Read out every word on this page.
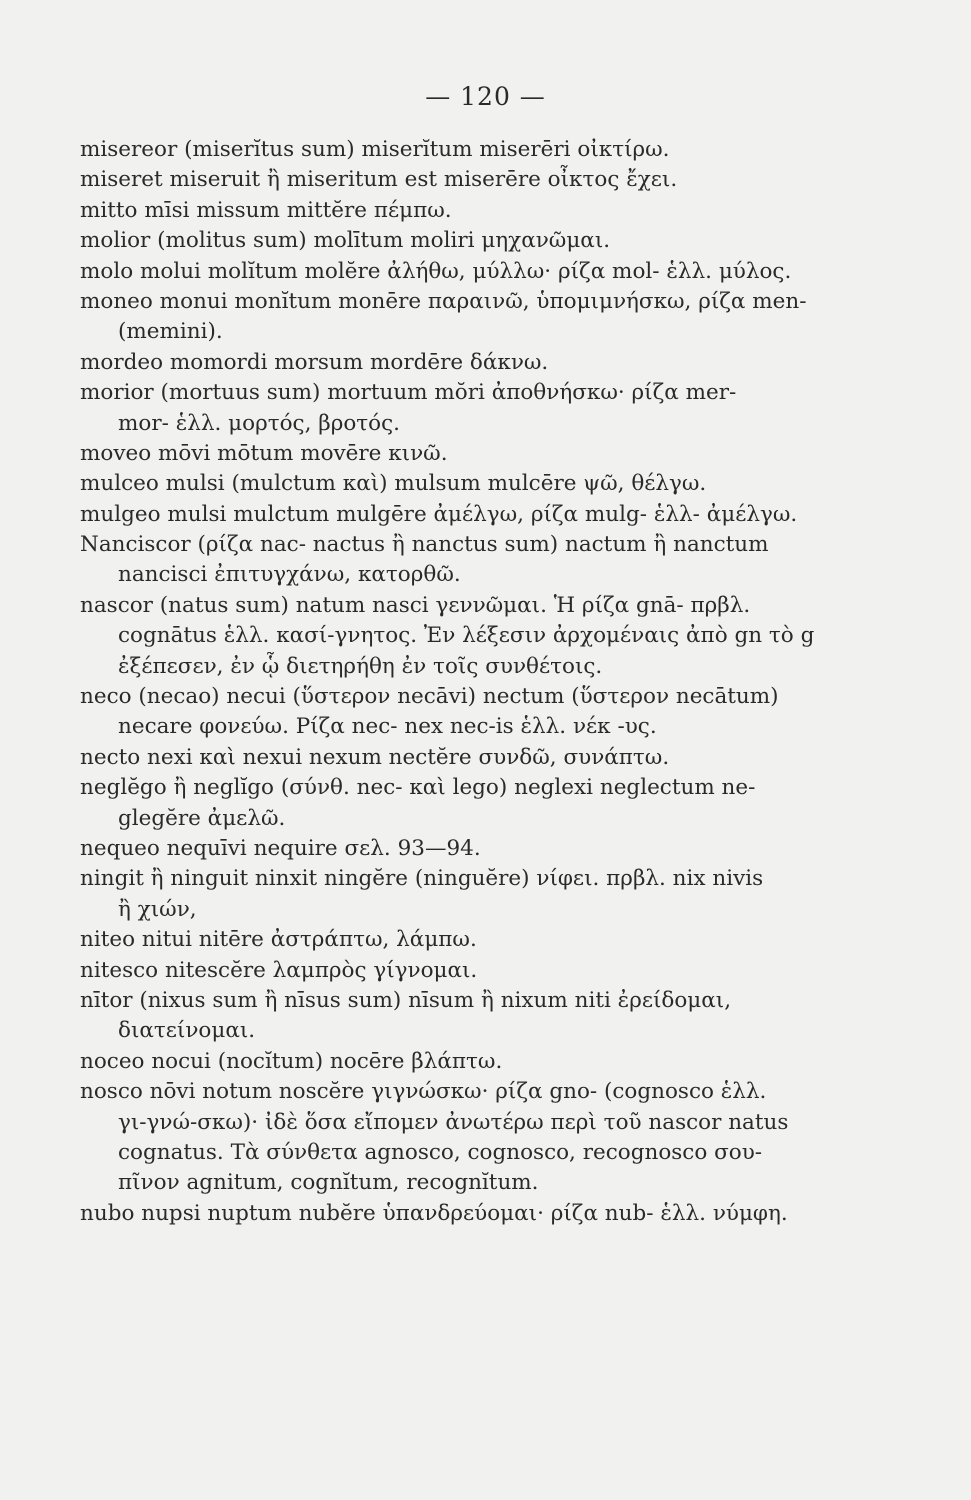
— 120 —
misereor (miserĭtus sum) miserĭtum miserēri οἰκτίρω.
miseret miseruit ἢ miseritum est miserēre οἶκτος ἔχει.
mitto mīsi missum mittĕre πέμπω.
molior (molitus sum) molītum moliri μηχανῶμαι.
molo molui molĭtum molĕre ἀλήθω, μύλλω· ρίζα mol- ἑλλ. μύλος.
moneo monui monĭtum monēre παραινῶ, ὑπομιμνήσκω, ρίζα men-
(memini).
mordeo momordi morsum mordēre δάκνω.
morior (mortuus sum) mortuum mŏri ἀποθνήσκω· ρίζα mer-
mor- ἑλλ. μορτός, βροτός.
moveo mōvi mōtum movēre κινῶ.
mulceo mulsi (mulctum καὶ) mulsum mulcēre ψῶ, θέλγω.
mulgeo mulsi mulctum mulgēre ἀμέλγω, ρίζα mulg- ἑλλ- ἀμέλγω.
Nanciscor (ρίζα nac- nactus ἢ nanctus sum) nactum ἢ nanctum
nancisci ἐπιτυγχάνω, κατορθῶ.
nascor (natus sum) natum nasci γεννῶμαι. Ἡ ρίζα gnā- πρβλ.
cognātus ἑλλ. κασί-γνητος. Ἐν λέξεσιν ἀρχομέναις ἀπὸ gn τὸ g
ἐξέπεσεν, ἐν ᾧ διετηρήθη ἐν τοῖς συνθέτοις.
neco (necao) necui (ὕστερον necāvi) nectum (ὕστερον necātum)
necare φονεύω. Ρίζα nec- nex nec-is ἑλλ. νέκ -υς.
necto nexi καὶ nexui nexum nectĕre συνδῶ, συνάπτω.
neglĕgo ἢ neglĭgo (σύνθ. nec- καὶ lego) neglexi neglectum ne-
glegĕre ἀμελῶ.
nequeo nequīvi nequire σελ. 93—94.
ningit ἢ ninguit ninxit ningĕre (ninguĕre) νίφει. πρβλ. nix nivis
ἢ χιών,
niteo nitui nitēre ἀστράπτω, λάμπω.
nitesco nitescĕre λαμπρὸς γίγνομαι.
nītor (nixus sum ἢ nīsus sum) nīsum ἢ nixum niti ἐρείδομαι,
διατείνομαι.
noceo nocui (nocĭtum) nocēre βλάπτω.
nosco nōvi notum noscĕre γιγνώσκω· ρίζα gno- (cognosco ἑλλ.
γι-γνώ-σκω)· ἰδὲ ὅσα εἴπομεν ἀνωτέρω περὶ τοῦ nascor natus
cognatus. Τὰ σύνθετα agnosco, cognosco, recognosco σου-
πῖνον agnitum, cognĭtum, recognĭtum.
nubo nupsi nuptum nubĕre ὑπανδρεύομαι· ρίζα nub- ἑλλ. νύμφη.
